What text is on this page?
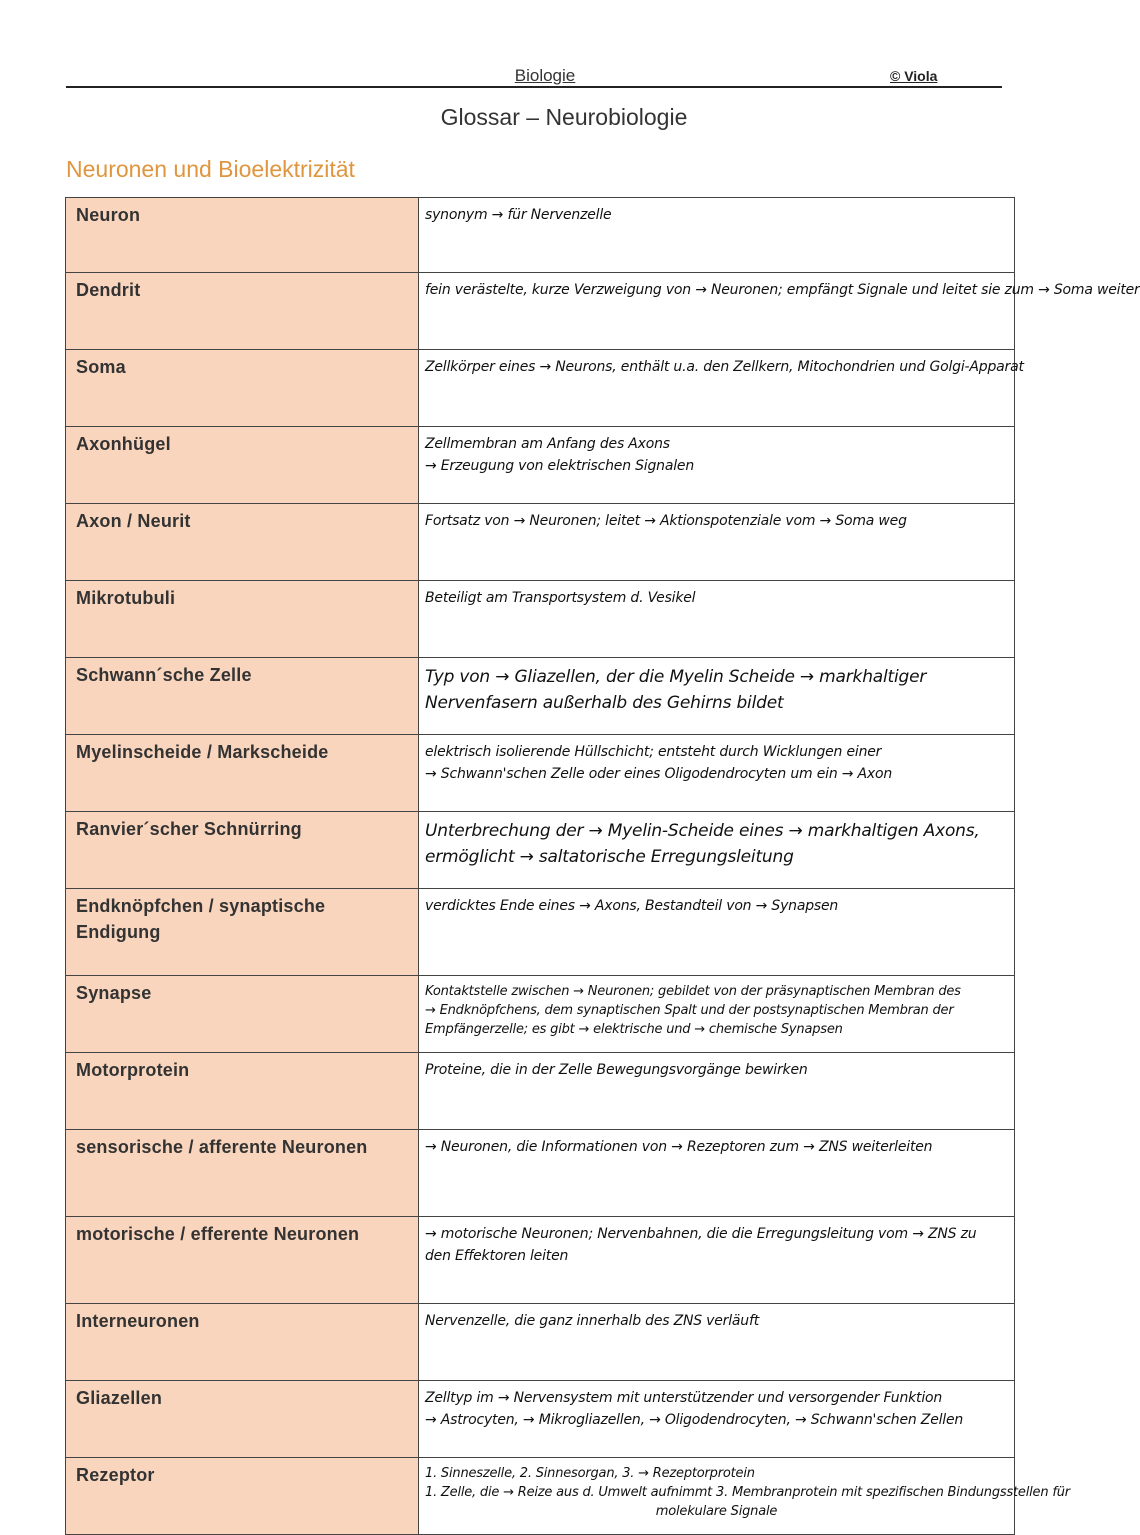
Biologie	© Viola
Glossar – Neurobiologie
Neuronen und Bioelektrizität
Neuron	synonym → für Nervenzelle

Dendrit	fein verästelte, kurze Verzweigung von → Neuronen; empfängt Signale und leitet sie zum → Soma weiter

Soma	Zellkörper eines → Neurons, enthält u.a. den Zellkern, Mitochondrien und Golgi-Apparat

Axonhügel	Zellmembran am Anfang des Axons
→ Erzeugung von elektrischen Signalen

Axon / Neurit	Fortsatz von → Neuronen; leitet → Aktionspotenziale vom → Soma weg

Mikrotubuli	Beteiligt am Transportsystem d. Vesikel

Schwann´sche Zelle	Typ von → Gliazellen, der die Myelin Scheide → markhaltiger
Nervenfasern außerhalb des Gehirns bildet

Myelinscheide / Markscheide	elektrisch isolierende Hüllschicht; entsteht durch Wicklungen einer
→ Schwann'schen Zelle oder eines Oligodendrocyten um ein → Axon

Ranvier´scher Schnürring	Unterbrechung der → Myelin-Scheide eines → markhaltigen Axons,
ermöglicht → saltatorische Erregungsleitung

Endknöpfchen / synaptische Endigung	verdicktes Ende eines → Axons, Bestandteil von → Synapsen

Synapse	Kontaktstelle zwischen → Neuronen; gebildet von der präsynaptischen Membran des
→ Endknöpfchens, dem synaptischen Spalt und der postsynaptischen Membran der
Empfängerzelle; es gibt → elektrische und → chemische Synapsen

Motorprotein	Proteine, die in der Zelle Bewegungsvorgänge bewirken

sensorische / afferente Neuronen	→ Neuronen, die Informationen von → Rezeptoren zum → ZNS weiterleiten

motorische / efferente Neuronen	→ motorische Neuronen; Nervenbahnen, die die Erregungsleitung vom → ZNS zu
den Effektoren leiten

Interneuronen	Nervenzelle, die ganz innerhalb des ZNS verläuft

Gliazellen	Zelltyp im → Nervensystem mit unterstützender und versorgender Funktion
→ Astrocyten, → Mikrogliazellen, → Oligodendrocyten, → Schwann'schen Zellen

Rezeptor	1. Sinneszelle, 2. Sinnesorgan, 3. → Rezeptorprotein
1. Zelle, die → Reize aus d. Umwelt aufnimmt 3. Membranprotein mit spezifischen Bindungsstellen für
molekulare Signale
